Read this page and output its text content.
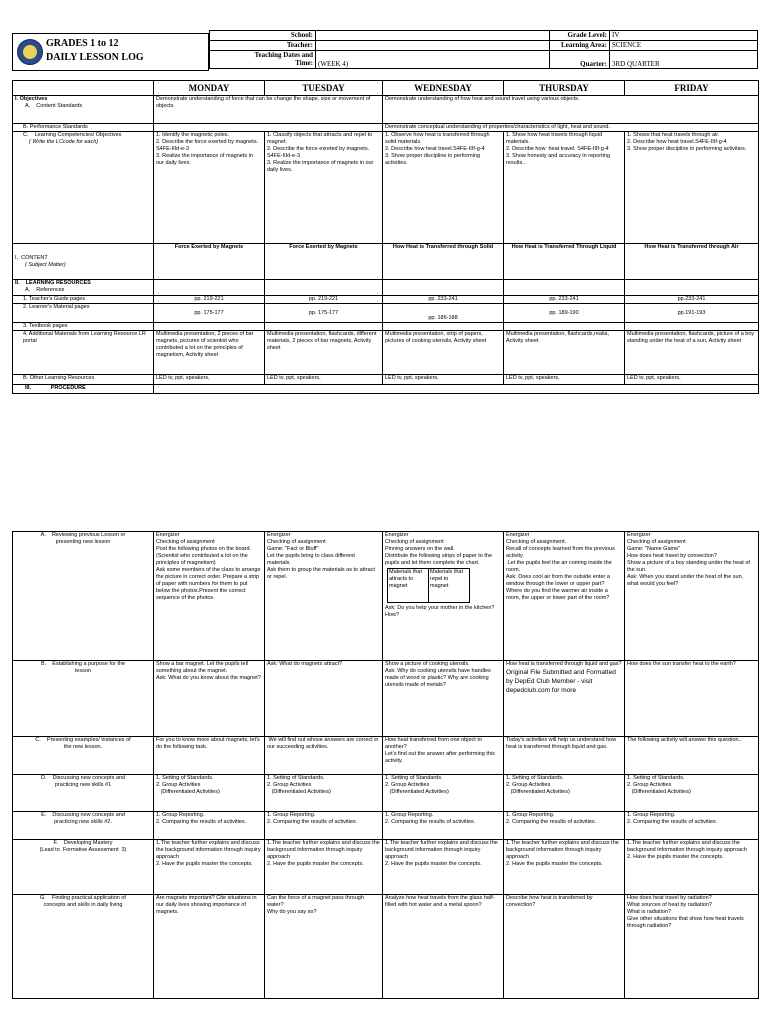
GRADES 1 to 12
DAILY LESSON LOG
School:		Grade Level:	IV
Teacher:		Learning Area:	SCIENCE

Teaching Dates and
Time:	(WEEK 4)	Quarter:	3RD QUARTER
	MONDAY	TUESDAY	WEDNESDAY	THURSDAY	FRIDAY

I. Objectives
A.    Content Standards	Demonstrate understanding of force that can be change the shape, size or movement of objects.		Demonstrate understanding of how heat and sound travel using various objects.		
B. Performance Standards			Demonstrate conceptual understanding of properties/characteristics of light, heat and sound.		

C.    Learning Competencies/ Objectives
( Write the LCcode for each)	1. Identify the magnetic poles.
2. Describe the force exerted by magnets. S4FE-IIId-e-3
3. Realize the importance of magnets in our daily lives.	1. Classify objects that attracts and repel to magnet.
2. Describe the force exreted by magnets. S4FE-IIId-e-3
3. Realize the importance of magnets in our daily lives.	1. Observe how heat is transferred through solid materials.
2. Describe how heat travel.S4FE-IIIf-g-4
3. Show proper discipline in performing activities.	1. Show how heat travels through liquid materials.
2. Describe how  heat travel. S4FE-IIIf-g-4
3. Show honesty and accuracy in reporting results..	1. Shows that heat travels through air.
2. Describe how heat travel.S4FE-IIIf-g-4
3. Show proper discipline in performing activities.

I.  CONTENT
( Subject Matter)	Force Exerted by Magnets	Force Exerted by Magnets	How Heat is Transferred through Solid	How Heat is Transferred Through Liquid	How Heat is Transferred through Air

II.    LEARNING RESOURCES
A.    References					

1. Teacher's Guide pages	pp. 219-221	pp. 219-221	pp. 233-241	pp. 233-241	pp.233-241
2. Learner's Material pages	pp. 175-177	pp. 175-177	pp. 186-188	pp. 189-190	pp.191-193
3. Textbook pages					
4. Additional Materials from Learning Resource LR portal	Multimedia presentation, 2 pieces of bar magnets, pictures of scientist who contributed a lot on the principles of magnetism, Activity sheet	Multimedia presentation, flashcards, different materials, 2 pieces of bar magnets, Activity sheet	Multimedia presentation, strip of papers, pictures of cooking utensils, Activity sheet	Multimedia presentation, flashcards,realia, Activity sheet	Multimedia presentation, flashcards, picture of a boy standing under the heat of a sun, Activity sheet
B. Other Learning Resources	LED tv, ppt, speakers,	LED tv, ppt, speakers,	LED tv, ppt, speakers,	LED tv, ppt, speakers,	LED tv, ppt, speakers,
III. PROCEDURE					
A.    Reviewing previous Lesson or
presenting new lesson
	Energizer
Checking of assignment
Post the following photos on the board. (Scientist who contributed a lot on the principles of magnetism)
Ask some members of the class to arrange the picture in correct order. Prepare a strip of paper with numbers for them to put below the photos.Present the correct sequence of the photos.	Energizer
Checking of assignment
Game: "Fact or Bluff"
Let the pupils bring to class different materials.
Ask them to group the materials as to attract or repel.	
Energizer
Checking of assignment
Pinning answers on the wall.
Distribute the following strips of paper to the pupils and let them complete the chart.
Materials that attracts to magnet	Materials that repel to magnet
Ask: Do you help your mother in the kitchen? How?
	Energizer
Checking of assignment.
Recall of concepts learned from the previous activity.
Let the pupils feel the air coming inside the room.
Ask: Does cool air from the outside enter a window through the lower or upper part? Where do you find the warmer air inside a room, the upper or lower part of the room?	Energizer
Checking of assignment
Game: "Name Game"
How does heat travel by convection?
Show a picture of a boy standing under the heat of the sun.
Ask: When you stand under the heat of the sun, what would you feel?

B.    Establishing a purpose for the
lesson
	Show a bar magnet. Let the pupils tell something about the magnet.
Ask: What do you know about the magnet?	Ask: What do magnets attract?	Show a picture of cooking utensils.
Ask: Why do cooking utensils have handles made of wood or plastic? Why are cooking utensils made of metals?	
How heat is transferred through liquid and gas?
Original File Submitted and Formatted by DepEd Club Member - visit depedclub.com for more
	How does the sun transfer heat to the earth?

C.    Presenting examples/ instances of
the new lesson.
	For you to know more about magnets, let's do the following task.	We will find out whose answers are correct in our succeeding activities.	How heat transferred from one object to another?
Let's find out the answer after performing this activity.	Today's activities will help us understand how heat is transferred through liquid and gas.	The following activity will answer this question..

D.    Discussing new concepts and
practicing new skills #1
	1. Setting of Standards.
2. Group Activities
(Differentiated Activities)	1. Setting of Standards.
2. Group Activities
(Differentiated Activities)	1. Setting of Standards.
2. Group Activities
(Differentiated Activities)	1. Setting of Standards.
2. Group Activities
(Differentiated Activities)	1. Setting of Standards.
2. Group Activities
(Differentiated Activities)

E.    Discussing new concepts and
practicing new skills #2.
	1. Group Reporting.
2. Comparing the results of activities.	1. Group Reporting.
2. Comparing the results of activities.	1. Group Reporting.
2. Comparing the results of activities.	1. Group Reporting.
2. Comparing the results of activities.	1. Group Reporting.
2. Comparing the results of activities.

F.    Developing Mastery
(Lead to  Formative Assessment  3)
	1.The teacher further explains and discuss the background information through inquiry approach
2. Have the pupils master the concepts.	1.The teacher further explains and discuss the background information through inquiry approach
2. Have the pupils master the concepts.	1.The teacher further explains and discuss the background information through inquiry approach
2. Have the pupils master the concepts.	1.The teacher further explains and discuss the background information through inquiry approach
2. Have the pupils master the concepts.	1.The teacher further explains and discuss the background information through inquiry approach
2. Have the pupils master the concepts.

G.    Finding practical application of
concepts and skills in daily living
	Are magnets important? Cite situations in our daily lives showing importance of magnets.	Can the force of a magnet pass through water?
Why do you say so?	Analyze how heat travels from the glass half-filled with hot water and a metal spoon?	Describe how heat is transferred by convection?	How does heat travel by radiation?
What sources of heat by radiation?
What is radiation?
Give other situations that show how heat travels through radiation?
